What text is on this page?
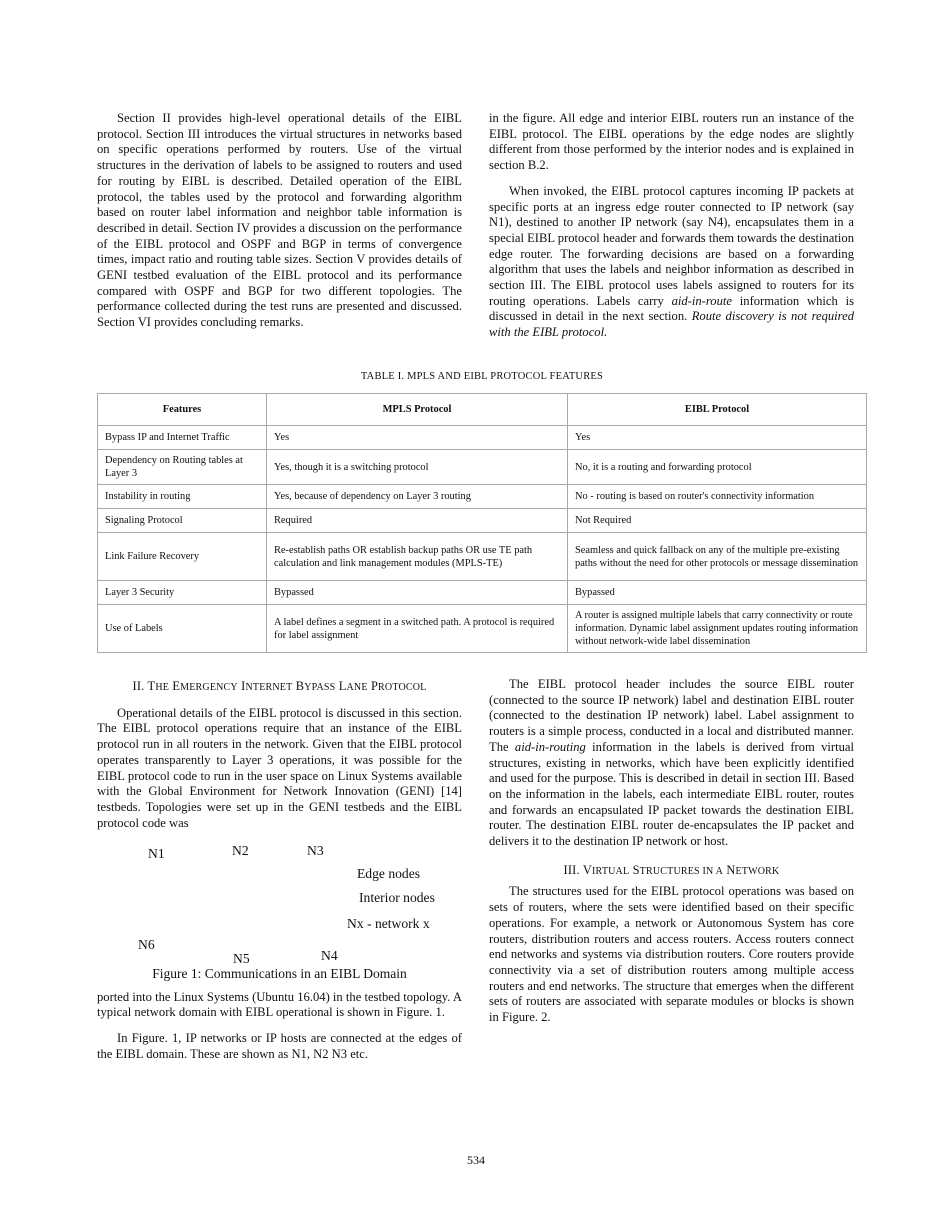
Section II provides high-level operational details of the EIBL protocol. Section III introduces the virtual structures in networks based on specific operations performed by routers. Use of the virtual structures in the derivation of labels to be assigned to routers and used for routing by EIBL is described. Detailed operation of the EIBL protocol, the tables used by the protocol and forwarding algorithm based on router label information and neighbor table information is described in detail. Section IV provides a discussion on the performance of the EIBL protocol and OSPF and BGP in terms of convergence times, impact ratio and routing table sizes. Section V provides details of GENI testbed evaluation of the EIBL protocol and its performance compared with OSPF and BGP for two different topologies. The performance collected during the test runs are presented and discussed. Section VI provides concluding remarks.

in the figure. All edge and interior EIBL routers run an instance of the EIBL protocol. The EIBL operations by the edge nodes are slightly different from those performed by the interior nodes and is explained in section B.2.

When invoked, the EIBL protocol captures incoming IP packets at specific ports at an ingress edge router connected to IP network (say N1), destined to another IP network (say N4), encapsulates them in a special EIBL protocol header and forwards them towards the destination edge router. The forwarding decisions are based on a forwarding algorithm that uses the labels and neighbor information as described in section III. The EIBL protocol uses labels assigned to routers for its routing operations. Labels carry aid-in-route information which is discussed in detail in the next section. Route discovery is not required with the EIBL protocol.

TABLE I. MPLS AND EIBL PROTOCOL FEATURES
Features	MPLS Protocol	EIBL Protocol
Bypass IP and Internet Traffic	Yes	Yes
Dependency on Routing tables at Layer 3	Yes, though it is a switching protocol	No, it is a routing and forwarding protocol
Instability in routing	Yes, because of dependency on Layer 3 routing	No - routing is based on router's connectivity information
Signaling Protocol	Required	Not Required
Link Failure Recovery	Re-establish paths OR establish backup paths OR use TE path calculation and link management modules (MPLS-TE)	Seamless and quick fallback on any of the multiple pre-existing paths without the need for other protocols or message dissemination
Layer 3 Security	Bypassed	Bypassed
Use of Labels	A label defines a segment in a switched path. A protocol is required for label assignment	A router is assigned multiple labels that carry connectivity or route information. Dynamic label assignment updates routing information without network-wide label dissemination

II. THE EMERGENCY INTERNET BYPASS LANE PROTOCOL

Operational details of the EIBL protocol is discussed in this section. The EIBL protocol operations require that an instance of the EIBL protocol run in all routers in the network. Given that the EIBL protocol operates transparently to Layer 3 operations, it was possible for the EIBL protocol code to run in the user space on Linux Systems available with the Global Environment for Network Innovation (GENI) [14] testbeds. Topologies were set up in the GENI testbeds and the EIBL protocol code was

N1	N2	N3
Edge nodes
Interior nodes
Nx - network x
N6
N5	N4

Figure 1: Communications in an EIBL Domain

ported into the Linux Systems (Ubuntu 16.04) in the testbed topology. A typical network domain with EIBL operational is shown in Figure. 1.

In Figure. 1, IP networks or IP hosts are connected at the edges of the EIBL domain. These are shown as N1, N2 N3 etc.

The EIBL protocol header includes the source EIBL router (connected to the source IP network) label and destination EIBL router (connected to the destination IP network) label. Label assignment to routers is a simple process, conducted in a local and distributed manner. The aid-in-routing information in the labels is derived from virtual structures, existing in networks, which have been explicitly identified and used for the purpose. This is described in detail in section III. Based on the information in the labels, each intermediate EIBL router, routes and forwards an encapsulated IP packet towards the destination EIBL router. The destination EIBL router de-encapsulates the IP packet and delivers it to the destination IP network or host.

III. VIRTUAL STRUCTURES IN A NETWORK

The structures used for the EIBL protocol operations was based on sets of routers, where the sets were identified based on their specific operations. For example, a network or Autonomous System has core routers, distribution routers and access routers. Access routers connect end networks and systems via distribution routers. Core routers provide connectivity via a set of distribution routers among multiple access routers and end networks. The structure that emerges when the different sets of routers are associated with separate modules or blocks is shown in Figure. 2.

534
